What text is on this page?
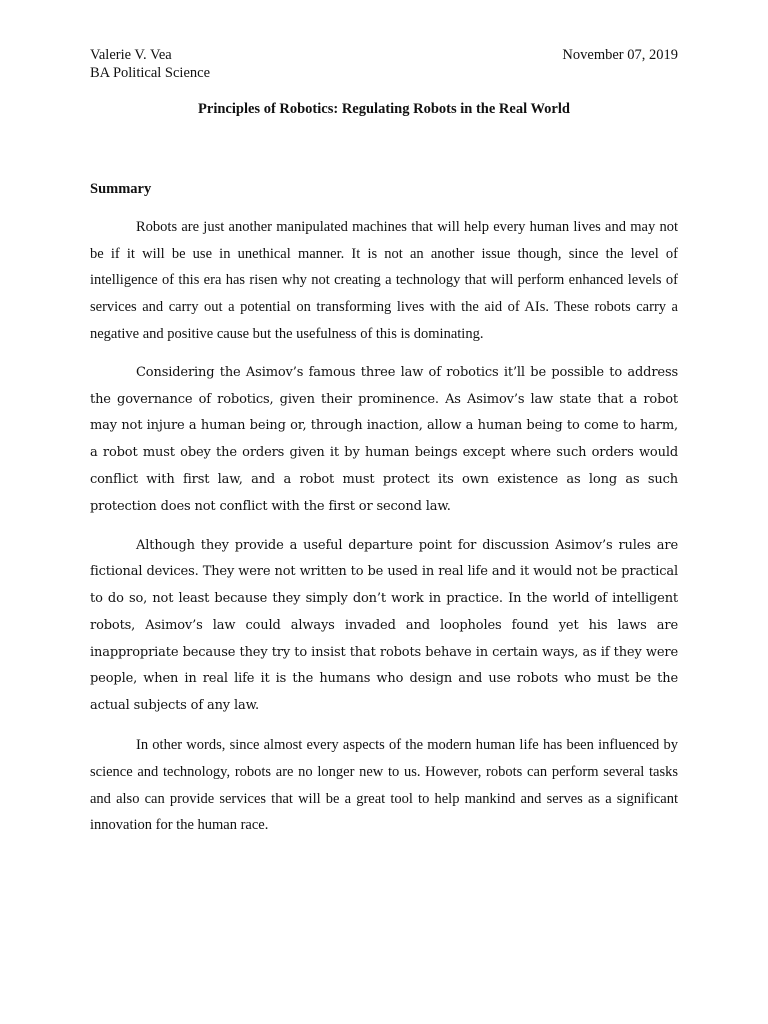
Valerie V. Vea
BA Political Science
November 07, 2019
Principles of Robotics: Regulating Robots in the Real World
Summary

Robots are just another manipulated machines that will help every human lives and may not be if it will be use in unethical manner. It is not an another issue though, since the level of intelligence of this era has risen why not creating a technology that will perform enhanced levels of services and carry out a potential on transforming lives with the aid of AIs. These robots carry a negative and positive cause but the usefulness of this is dominating.

Considering the Asimov’s famous three law of robotics it’ll be possible to address the governance of robotics, given their prominence. As Asimov’s law state that a robot may not injure a human being or, through inaction, allow a human being to come to harm, a robot must obey the orders given it by human beings except where such orders would conflict with first law, and a robot must protect its own existence as long as such protection does not conflict with the first or second law.

Although they provide a useful departure point for discussion Asimov’s rules are fictional devices. They were not written to be used in real life and it would not be practical to do so, not least because they simply don’t work in practice. In the world of intelligent robots, Asimov’s law could always invaded and loopholes found yet his laws are inappropriate because they try to insist that robots behave in certain ways, as if they were people, when in real life it is the humans who design and use robots who must be the actual subjects of any law.

In other words, since almost every aspects of the modern human life has been influenced by science and technology, robots are no longer new to us. However, robots can perform several tasks and also can provide services that will be a great tool to help mankind and serves as a significant innovation for the human race.
